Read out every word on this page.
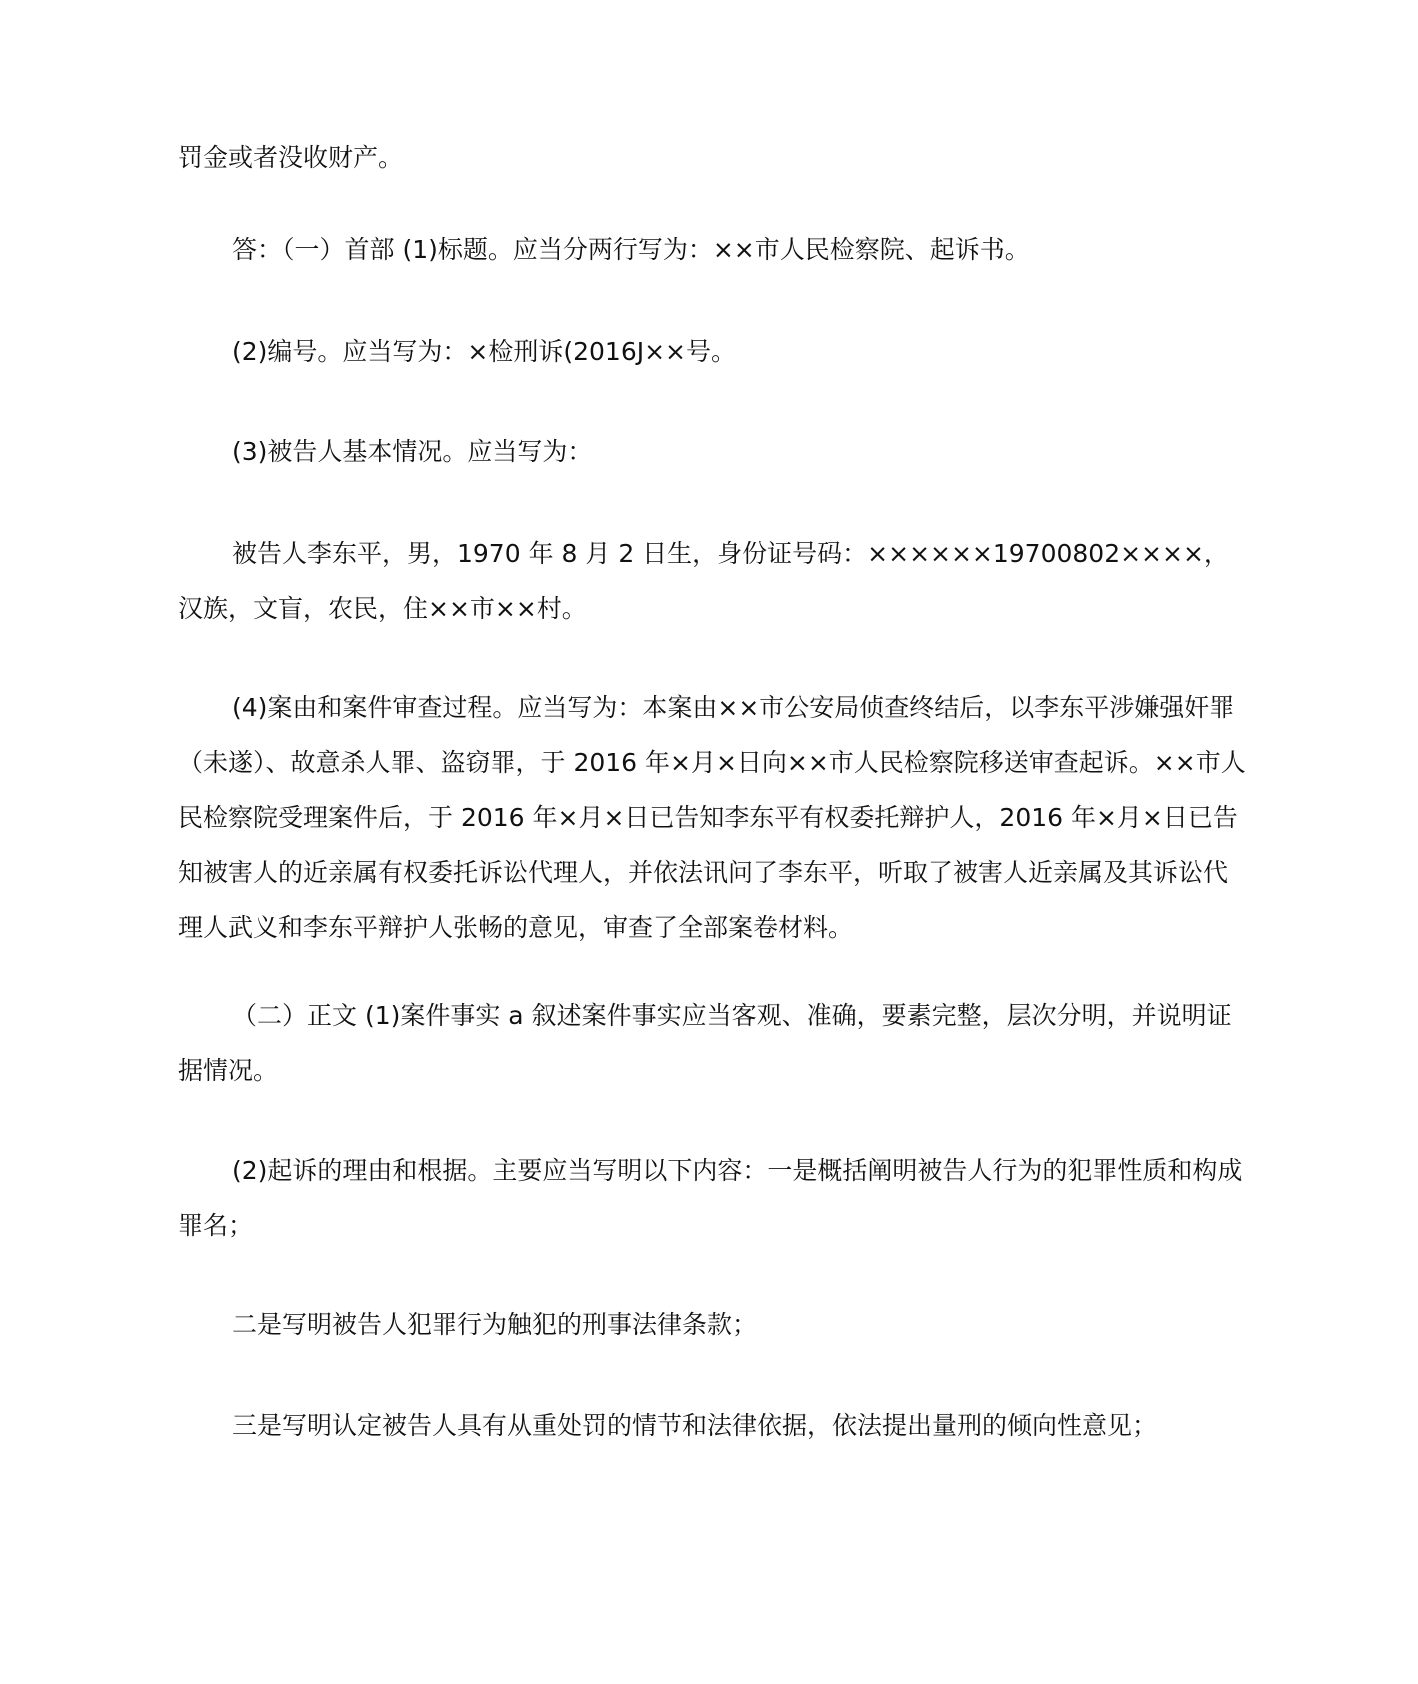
罚金或者没收财产。

答：（一）首部 (1)标题。应当分两行写为：××市人民检察院、起诉书。

(2)编号。应当写为：×检刑诉(2016J××号。

(3)被告人基本情况。应当写为：

被告人李东平，男，1970 年 8 月 2 日生，身份证号码：××××××19700802××××，汉族，文盲，农民，住××市××村。

(4)案由和案件审查过程。应当写为：本案由××市公安局侦查终结后，以李东平涉嫌强奸罪（未遂）、故意杀人罪、盗窃罪，于 2016 年×月×日向××市人民检察院移送审查起诉。××市人民检察院受理案件后，于 2016 年×月×日已告知李东平有权委托辩护人，2016 年×月×日已告知被害人的近亲属有权委托诉讼代理人，并依法讯问了李东平，听取了被害人近亲属及其诉讼代理人武义和李东平辩护人张畅的意见，审查了全部案卷材料。

（二）正文 (1)案件事实 a 叙述案件事实应当客观、准确，要素完整，层次分明，并说明证据情况。

(2)起诉的理由和根据。主要应当写明以下内容：一是概括阐明被告人行为的犯罪性质和构成罪名；

二是写明被告人犯罪行为触犯的刑事法律条款；

三是写明认定被告人具有从重处罚的情节和法律依据，依法提出量刑的倾向性意见；
